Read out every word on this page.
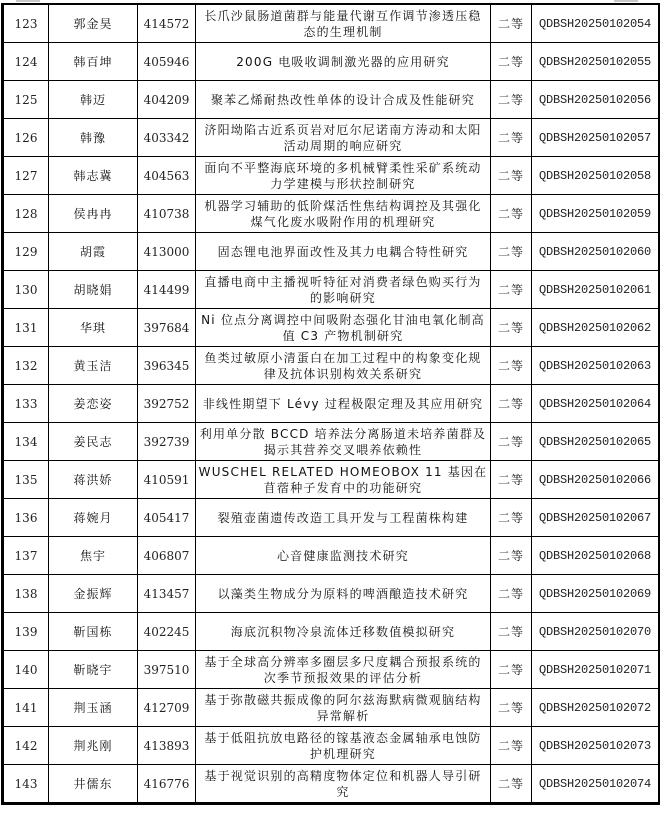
123	郭金昊	414572	长爪沙鼠肠道菌群与能量代谢互作调节渗透压稳态的生理机制	二等	QDBSH20250102054
124	韩百坤	405946	200G 电吸收调制激光器的应用研究	二等	QDBSH20250102055
125	韩迈	404209	聚苯乙烯耐热改性单体的设计合成及性能研究	二等	QDBSH20250102056
126	韩豫	403342	济阳坳陷古近系页岩对厄尔尼诺南方涛动和太阳活动周期的响应研究	二等	QDBSH20250102057
127	韩志冀	404563	面向不平整海底环境的多机械臂柔性采矿系统动力学建模与形状控制研究	二等	QDBSH20250102058
128	侯冉冉	410738	机器学习辅助的低阶煤活性焦结构调控及其强化煤气化废水吸附作用的机理研究	二等	QDBSH20250102059
129	胡霞	413000	固态锂电池界面改性及其力电耦合特性研究	二等	QDBSH20250102060
130	胡晓娟	414499	直播电商中主播视听特征对消费者绿色购买行为的影响研究	二等	QDBSH20250102061
131	华琪	397684	Ni 位点分离调控中间吸附态强化甘油电氧化制高值 C3 产物机制研究	二等	QDBSH20250102062
132	黄玉洁	396345	鱼类过敏原小清蛋白在加工过程中的构象变化规律及抗体识别构效关系研究	二等	QDBSH20250102063
133	姜恋姿	392752	非线性期望下 Lévy 过程极限定理及其应用研究	二等	QDBSH20250102064
134	姜民志	392739	利用单分散 BCCD 培养法分离肠道未培养菌群及揭示其营养交叉喂养依赖性	二等	QDBSH20250102065
135	蒋洪娇	410591	WUSCHEL RELATED HOMEOBOX 11 基因在苜蓿种子发育中的功能研究	二等	QDBSH20250102066
136	蒋婉月	405417	裂殖壶菌遗传改造工具开发与工程菌株构建	二等	QDBSH20250102067
137	焦宇	406807	心音健康监测技术研究	二等	QDBSH20250102068
138	金振辉	413457	以藻类生物成分为原料的啤酒酿造技术研究	二等	QDBSH20250102069
139	靳国栋	402245	海底沉积物冷泉流体迁移数值模拟研究	二等	QDBSH20250102070
140	靳晓宇	397510	基于全球高分辨率多圈层多尺度耦合预报系统的次季节预报效果的评估分析	二等	QDBSH20250102071
141	荆玉涵	412709	基于弥散磁共振成像的阿尔兹海默病微观脑结构异常解析	二等	QDBSH20250102072
142	荆兆刚	413893	基于低阻抗放电路径的镓基液态金属轴承电蚀防护机理研究	二等	QDBSH20250102073
143	井儒东	416776	基于视觉识别的高精度物体定位和机器人导引研究	二等	QDBSH20250102074
